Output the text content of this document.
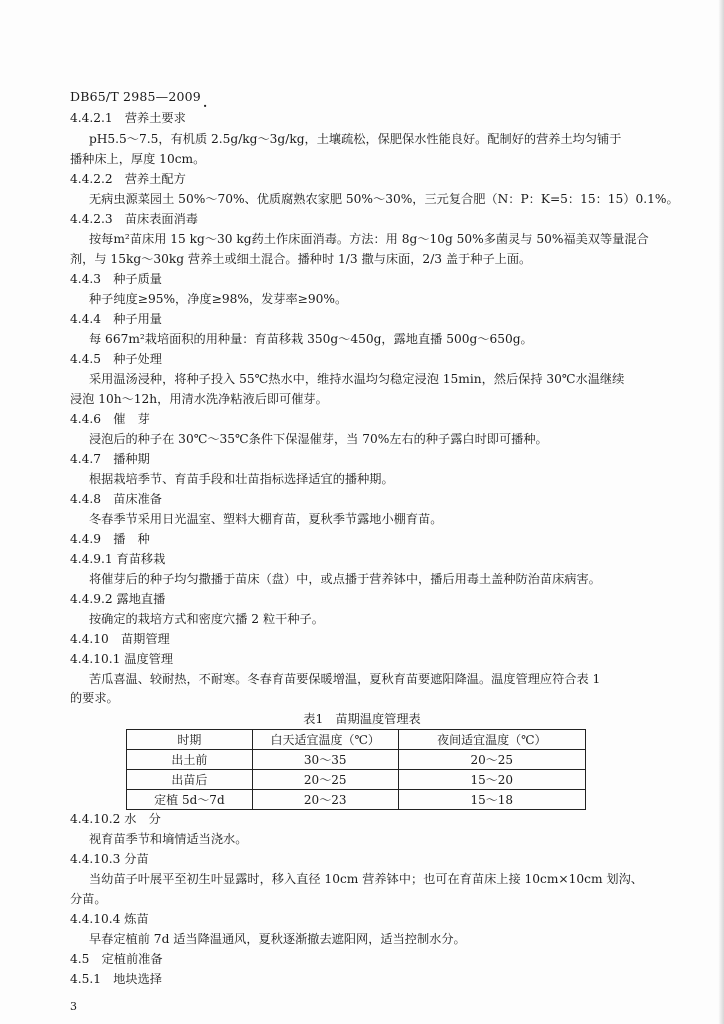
DB65/T 2985—2009 .
4.4.2.1　营养土要求
pH5.5～7.5，有机质 2.5g/kg～3g/kg，土壤疏松，保肥保水性能良好。配制好的营养土均匀铺于
播种床上，厚度 10cm。
4.4.2.2　营养土配方
无病虫源菜园土 50%～70%、优质腐熟农家肥 50%～30%，三元复合肥（N：P：K=5：15：15）0.1%。
4.4.2.3　苗床表面消毒
按每m²苗床用 15 kg～30 kg药土作床面消毒。方法：用 8g～10g 50%多菌灵与 50%福美双等量混合
剂，与 15kg～30kg 营养土或细土混合。播种时 1/3 撒与床面，2/3 盖于种子上面。
4.4.3　种子质量
种子纯度≥95%，净度≥98%，发芽率≥90%。
4.4.4　种子用量
每 667m²栽培面积的用种量：育苗移栽 350g～450g，露地直播 500g～650g。
4.4.5　种子处理
采用温汤浸种，将种子投入 55℃热水中，维持水温均匀稳定浸泡 15min，然后保持 30℃水温继续
浸泡 10h～12h，用清水洗净粘液后即可催芽。
4.4.6　催　芽
浸泡后的种子在 30℃～35℃条件下保湿催芽，当 70%左右的种子露白时即可播种。
4.4.7　播种期
根据栽培季节、育苗手段和壮苗指标选择适宜的播种期。
4.4.8　苗床准备
冬春季节采用日光温室、塑料大棚育苗，夏秋季节露地小棚育苗。
4.4.9　播　种
4.4.9.1 育苗移栽
将催芽后的种子均匀撒播于苗床（盘）中，或点播于营养钵中，播后用毒土盖种防治苗床病害。
4.4.9.2 露地直播
按确定的栽培方式和密度穴播 2 粒干种子。
4.4.10　苗期管理
4.4.10.1 温度管理
苦瓜喜温、较耐热，不耐寒。冬春育苗要保暖增温，夏秋育苗要遮阳降温。温度管理应符合表 1
的要求。
表1　苗期温度管理表
时期	白天适宜温度（℃）	夜间适宜温度（℃）
出土前	30～35	20～25
出苗后	20～25	15～20
定植 5d～7d	20～23	15～18
4.4.10.2 水　分
视育苗季节和墒情适当浇水。
4.4.10.3 分苗
当幼苗子叶展平至初生叶显露时，移入直径 10cm 营养钵中；也可在育苗床上接 10cm×10cm 划沟、
分苗。
4.4.10.4 炼苗
早春定植前 7d 适当降温通风，夏秋逐渐撤去遮阳网，适当控制水分。
4.5　定植前准备
4.5.1　地块选择
3
